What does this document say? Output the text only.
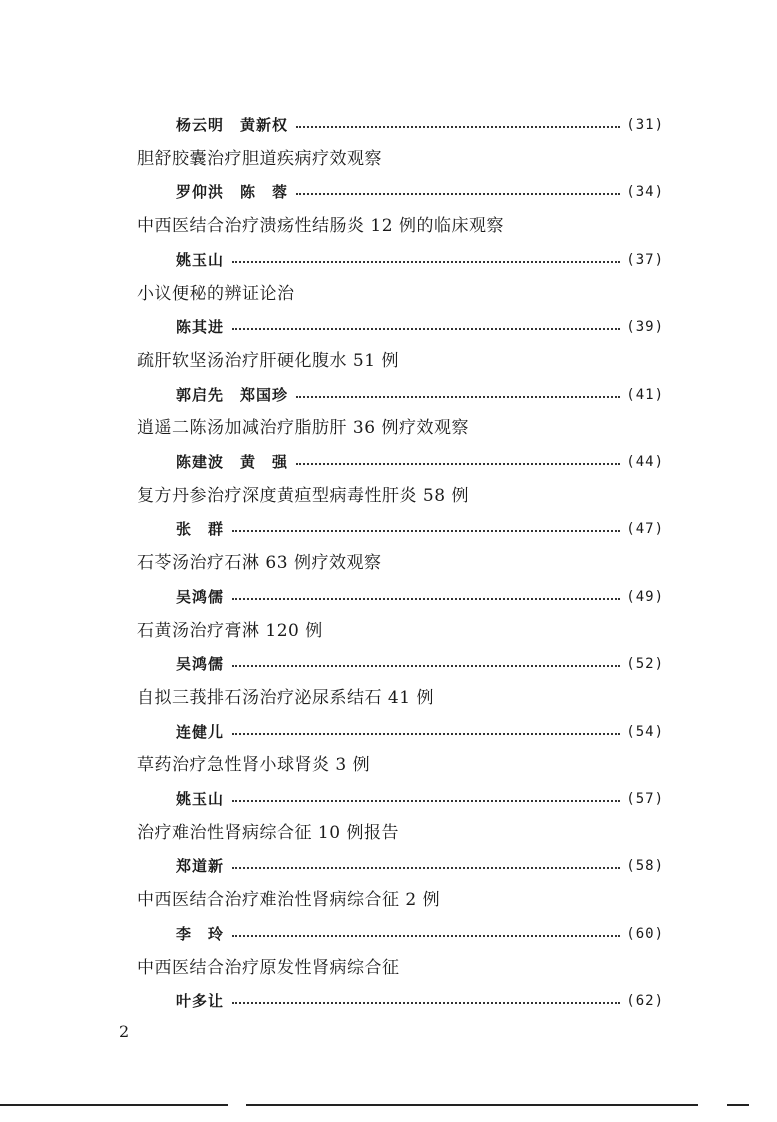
杨云明　黄新权	(31)
胆舒胶囊治疗胆道疾病疗效观察
罗仰洪　陈　蓉	(34)
中西医结合治疗溃疡性结肠炎 12 例的临床观察
姚玉山	(37)
小议便秘的辨证论治
陈其进	(39)
疏肝软坚汤治疗肝硬化腹水 51 例
郭启先　郑国珍	(41)
逍遥二陈汤加减治疗脂肪肝 36 例疗效观察
陈建波　黄　强	(44)
复方丹参治疗深度黄疸型病毒性肝炎 58 例
张　群	(47)
石苓汤治疗石淋 63 例疗效观察
吴鸿儒	(49)
石黄汤治疗膏淋 120 例
吴鸿儒	(52)
自拟三莪排石汤治疗泌尿系结石 41 例
连健儿	(54)
草药治疗急性肾小球肾炎 3 例
姚玉山	(57)
治疗难治性肾病综合征 10 例报告
郑道新	(58)
中西医结合治疗难治性肾病综合征 2 例
李　玲	(60)
中西医结合治疗原发性肾病综合征
叶多让	(62)
2
